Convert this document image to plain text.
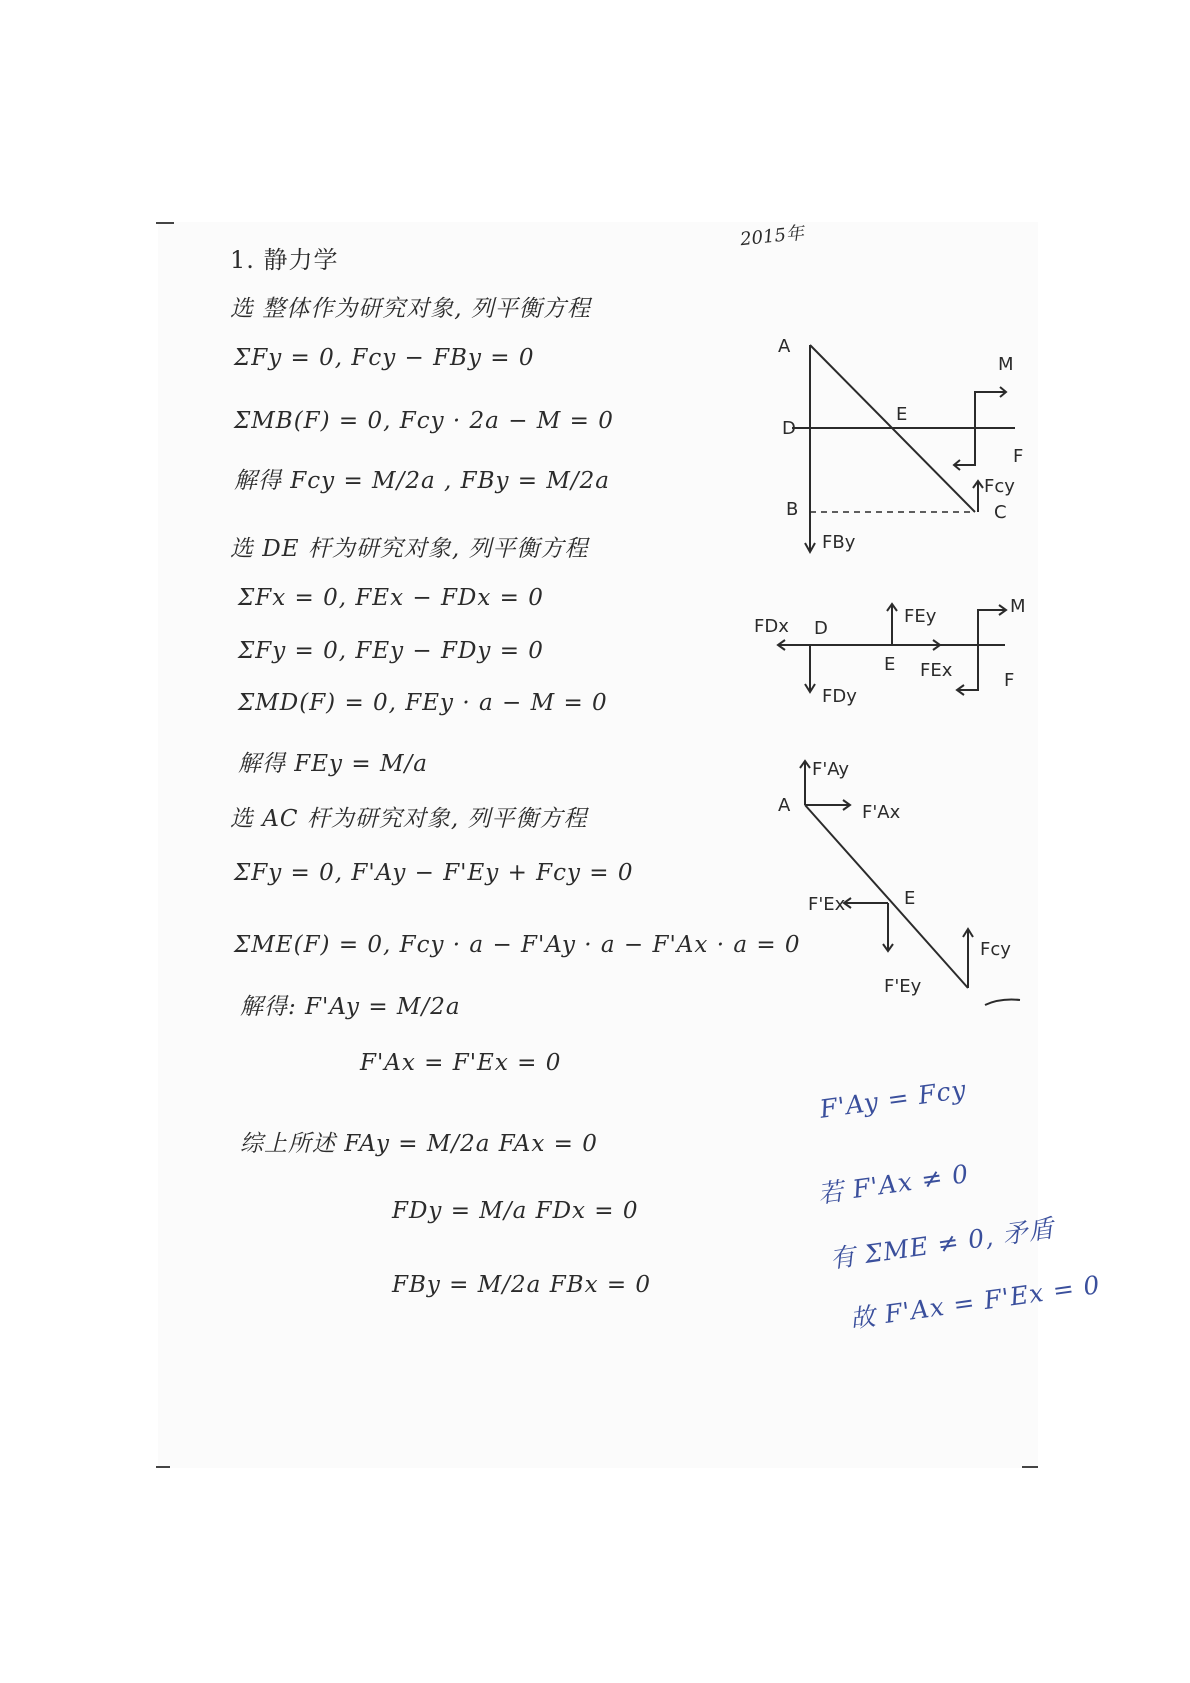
2015年
1. 静力学
选 整体作为研究对象, 列平衡方程
ΣFy = 0, Fcy − FBy = 0
ΣMB(F) = 0, Fcy · 2a − M = 0
解得 Fcy = M/2a , FBy = M/2a
选 DE 杆为研究对象, 列平衡方程
ΣFx = 0, FEx − FDx = 0
ΣFy = 0, FEy − FDy = 0
ΣMD(F) = 0, FEy · a − M = 0
解得 FEy = M/a
选 AC 杆为研究对象, 列平衡方程
ΣFy = 0, F'Ay − F'Ey + Fcy = 0
ΣME(F) = 0, Fcy · a − F'Ay · a − F'Ax · a = 0
解得: F'Ay = M/2a
F'Ax = F'Ex = 0
综上所述 FAy = M/2a FAx = 0
FDy = M/a FDx = 0
FBy = M/2a FBx = 0
F'Ay = Fcy
若 F'Ax ≠ 0
有 ΣME ≠ 0, 矛盾
故 F'Ax = F'Ex = 0
A
D
B
E
C
M
F
Fcy
FBy
FDx D
E
FEy
FEx
FDy
M
F
F'Ay
A	F'Ax
F'Ex	E
F'Ey
Fcy
